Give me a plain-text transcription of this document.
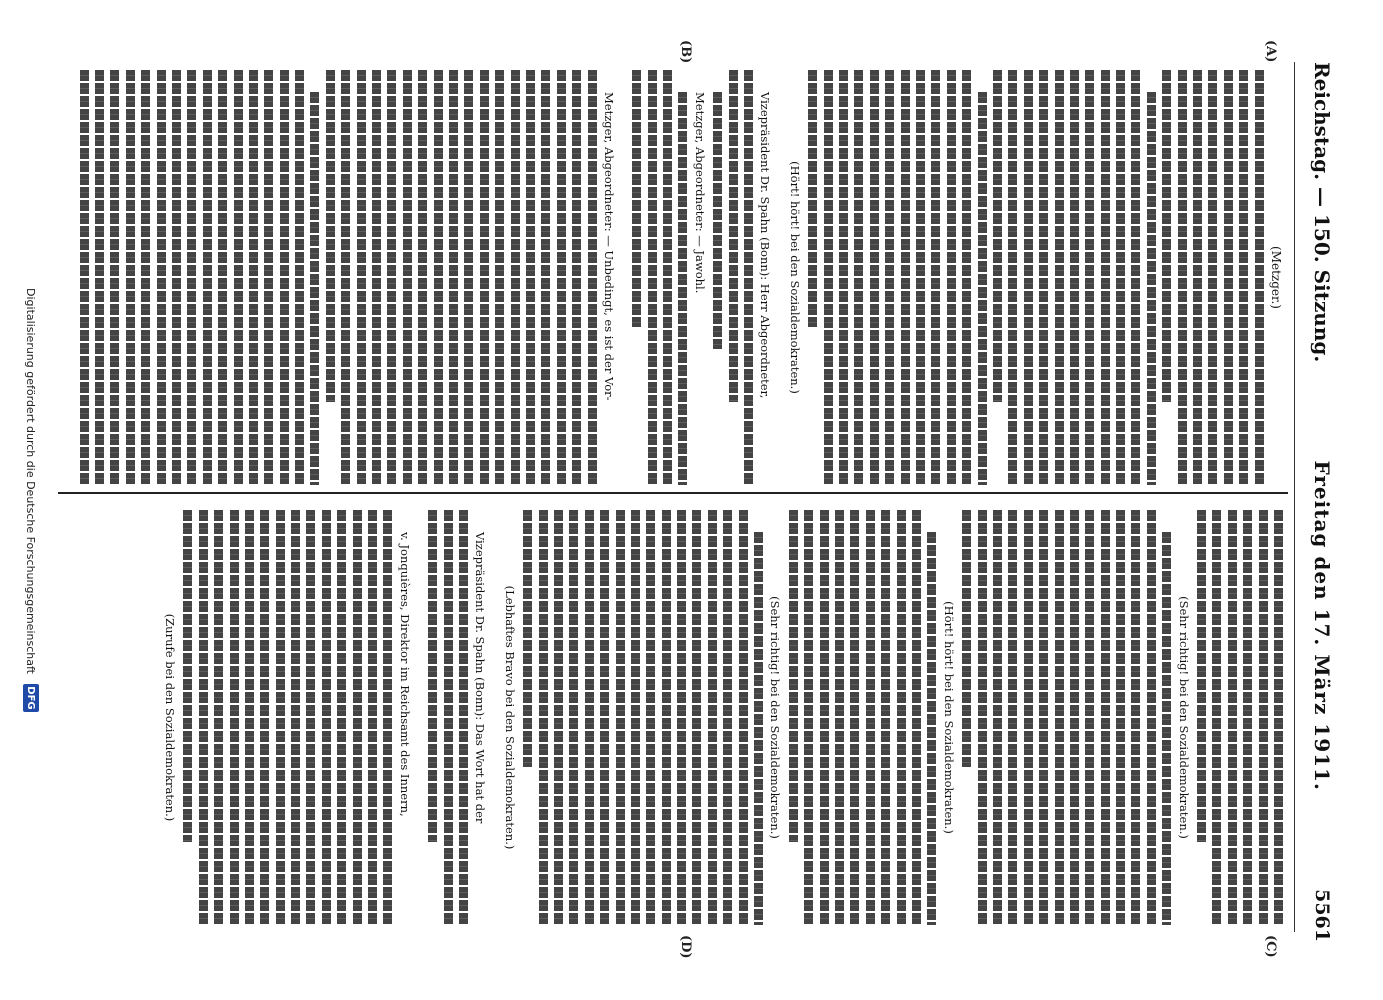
Reichstag. — 150. Sitzung.
Freitag den 17. März 1911.
5561
(A)
(B)
(C)
(D)
(Metzger.)
(Hört! hört! bei den Sozialdemokraten.)
Vizepräsident Dr. Spahn (Bonn): Herr Abgeordneter,
Metzger, Abgeordneter: — Jawohl.
Metzger, Abgeordneter: — Unbedingt, es ist der Vor-
(Sehr richtig! bei den Sozialdemokraten.)
(Hört! hört! bei den Sozialdemokraten.)
(Sehr richtig! bei den Sozialdemokraten.)
(Lebhaftes Bravo bei den Sozialdemokraten.)
Vizepräsident Dr. Spahn (Bonn): Das Wort hat der
v. Jonquières, Direktor im Reichsamt des Innern,
(Zurufe bei den Sozialdemokraten.)
Digitalisierung gefördert durch die Deutsche Forschungsgemeinschaft
DFG
